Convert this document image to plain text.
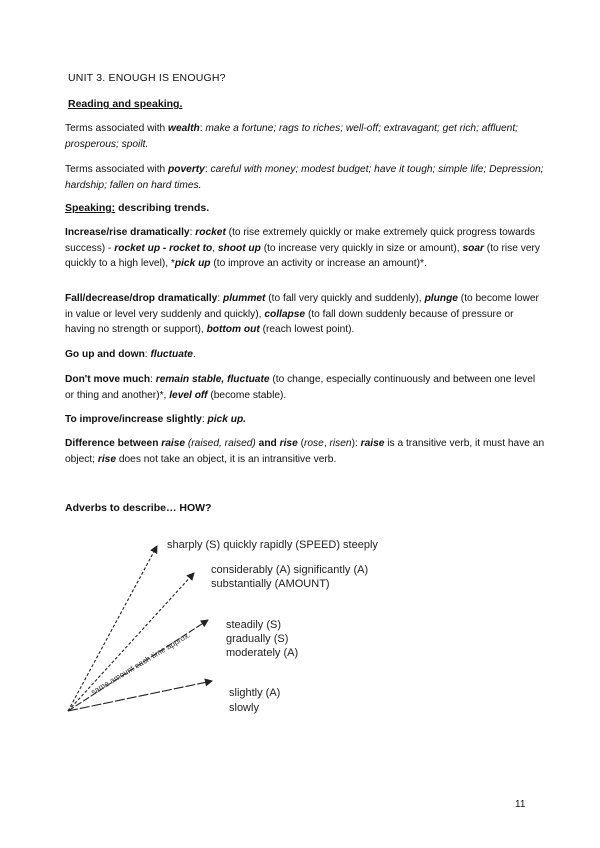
UNIT 3. ENOUGH IS ENOUGH?
Reading and speaking.

Terms associated with wealth: make a fortune; rags to riches; well-off; extravagant; get rich; affluent; prosperous; spoilt.

Terms associated with poverty: careful with money; modest budget; have it tough; simple life; Depression; hardship; fallen on hard times.

Speaking: describing trends.

Increase/rise dramatically: rocket (to rise extremely quickly or make extremely quick progress towards success) - rocket up - rocket to, shoot up (to increase very quickly in size or amount), soar (to rise very quickly to a high level), *pick up (to improve an activity or increase an amount)*.

Fall/decrease/drop dramatically: plummet (to fall very quickly and suddenly), plunge (to become lower in value or level very suddenly and quickly), collapse (to fall down suddenly because of pressure or having no strength or support), bottom out (reach lowest point).

Go up and down: fluctuate.

Don't move much: remain stable, fluctuate (to change, especially continuously and between one level or thing and another)*, level off (become stable).

To improve/increase slightly: pick up.

Difference between raise (raised, raised) and rise (rose, risen): raise is a transitive verb, it must have an object; rise does not take an object, it is an intransitive verb.

Adverbs to describe… HOW?
same amount each time approx.
sharply (S) quickly rapidly (SPEED) steeply
considerably (A) significantly (A)
substantially (AMOUNT)
steadily (S)
gradually (S)
moderately (A)
slightly (A)
slowly
11
